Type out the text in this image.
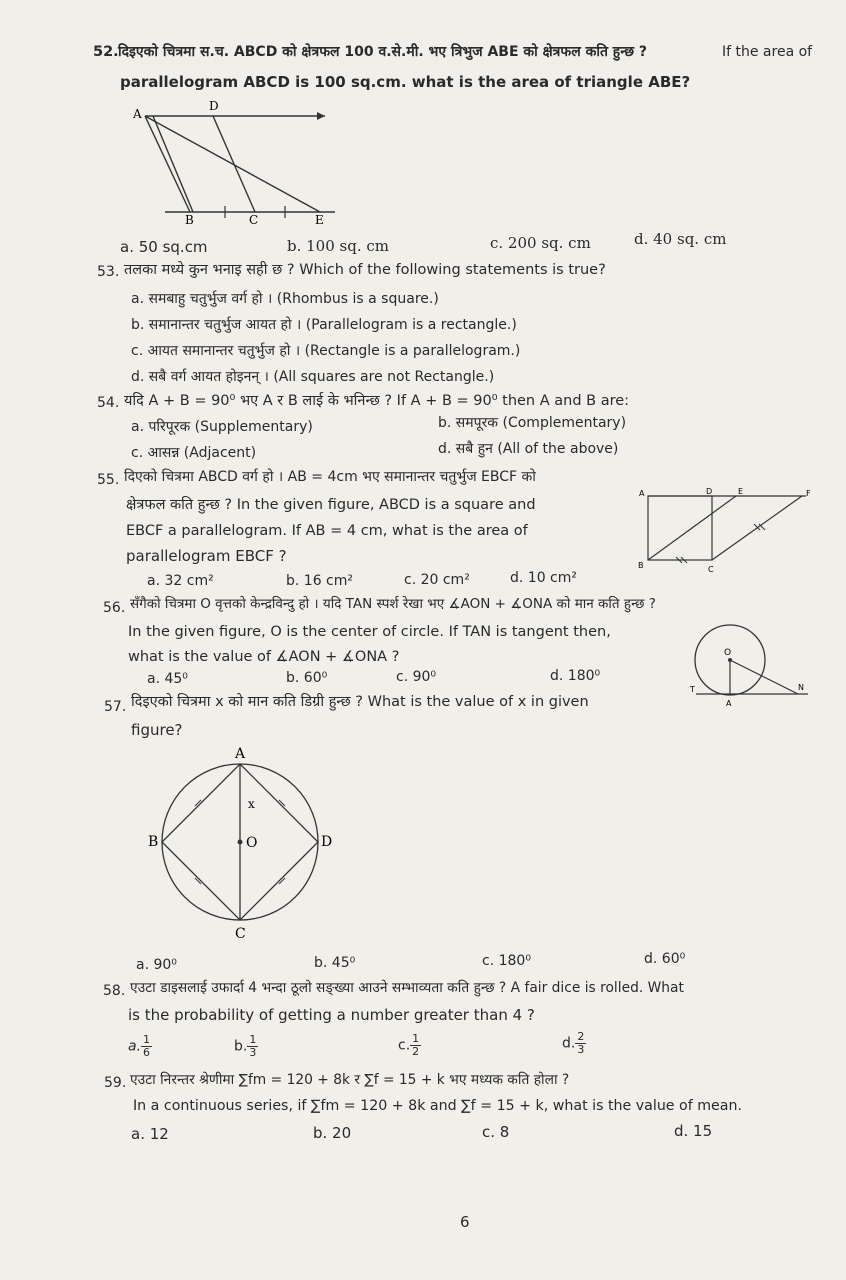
52. दिइएको चित्रमा स.च. ABCD को क्षेत्रफल 100 व.से.मी. भए त्रिभुज ABE को क्षेत्रफल कति हुन्छ ?	If the area of
parallelogram ABCD is 100 sq.cm. what is the area of triangle ABE?
A
D
B	C	E
a. 50 sq.cm	b. 100 sq. cm	c. 200 sq. cm	d. 40 sq. cm
53. तलका मध्ये कुन भनाइ सही छ ? Which of the following statements is true?
a. समबाहु चतुर्भुज वर्ग हो । (Rhombus is a square.)
b. समानान्तर चतुर्भुज आयत हो । (Parallelogram is a rectangle.)
c. आयत समानान्तर चतुर्भुज हो । (Rectangle is a parallelogram.)
d. सबै वर्ग आयत होइनन् । (All squares are not Rectangle.)
54. यदि A + B = 90⁰ भए A र B लाई के भनिन्छ ? If A + B = 90⁰ then A and B are:
a. परिपूरक (Supplementary)	b. समपूरक (Complementary)
c. आसन्न (Adjacent)	d. सबै हुन (All of the above)
55. दिएको चित्रमा ABCD वर्ग हो । AB = 4cm भए समानान्तर चतुर्भुज EBCF को
क्षेत्रफल कति हुन्छ ? In the given figure, ABCD is a square and
EBCF a parallelogram. If AB = 4 cm, what is the area of
parallelogram EBCF ?
A	D	E	F
B	C
a. 32 cm²	b. 16 cm²	c. 20 cm²	d. 10 cm²
56. सँगैको चित्रमा O वृत्तको केन्द्रविन्दु हो । यदि TAN स्पर्श रेखा भए ∡AON + ∡ONA को मान कति हुन्छ ?
In the given figure, O is the center of circle. If TAN is tangent then,
what is the value of ∡AON + ∡ONA ?	O
T
A
N
a. 45⁰	b. 60⁰	c. 90⁰	d. 180⁰
57. दिइएको चित्रमा x को मान कति डिग्री हुन्छ ? What is the value of x in given
figure?
A
B
C
D
O
x
a. 90⁰	b. 45⁰	c. 180⁰	d. 60⁰
58. एउटा डाइसलाई उफार्दा 4 भन्दा ठूलो सङ्ख्या आउने सम्भाव्यता कति हुन्छ ? A fair dice is rolled. What
is the probability of getting a number greater than 4 ?
a. $\frac{1}{6}$	b. $\frac{1}{3}$	c. $\frac{1}{2}$	d. $\frac{2}{3}$
59. एउटा निरन्तर श्रेणीमा ∑fm = 120 + 8k र ∑f = 15 + k भए मध्यक कति होला ?
In a continuous series, if ∑fm = 120 + 8k and ∑f = 15 + k, what is the value of mean.
a. 12	b. 20	c. 8	d. 15
6
